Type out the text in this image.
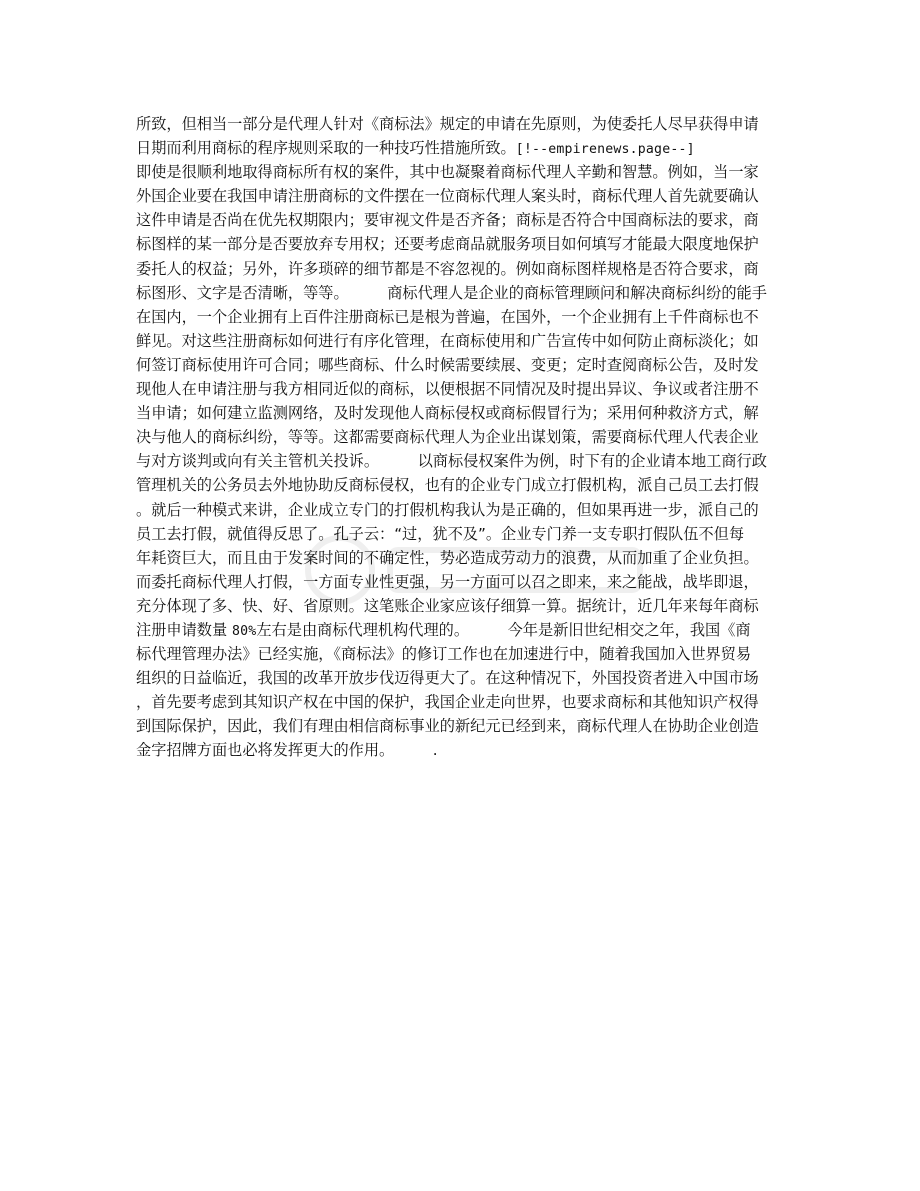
所致，但相当一部分是代理人针对《商标法》规定的申请在先原则，为使委托人尽早获得申请
日期而利用商标的程序规则采取的一种技巧性措施所致。[!--empirenews.page--]
即使是很顺利地取得商标所有权的案件，其中也凝聚着商标代理人辛勤和智慧。例如，当一家
外国企业要在我国申请注册商标的文件摆在一位商标代理人案头时，商标代理人首先就要确认
这件申请是否尚在优先权期限内；要审视文件是否齐备；商标是否符合中国商标法的要求，商
标图样的某一部分是否要放弃专用权；还要考虑商品就服务项目如何填写才能最大限度地保护
委托人的权益；另外，许多琐碎的细节都是不容忽视的。例如商标图样规格是否符合要求，商
标图形、文字是否清晰，等等。        商标代理人是企业的商标管理顾问和解决商标纠纷的能手
在国内，一个企业拥有上百件注册商标已是根为普遍，在国外，一个企业拥有上千件商标也不
鲜见。对这些注册商标如何进行有序化管理，在商标使用和广告宣传中如何防止商标淡化；如
何签订商标使用许可合同；哪些商标、什么时候需要续展、变更；定时查阅商标公告，及时发
现他人在申请注册与我方相同近似的商标，以便根据不同情况及时提出异议、争议或者注册不
当申请；如何建立监测网络，及时发现他人商标侵权或商标假冒行为；采用何种救济方式，解
决与他人的商标纠纷，等等。这都需要商标代理人为企业出谋划策，需要商标代理人代表企业
与对方谈判或向有关主管机关投诉。        以商标侵权案件为例，时下有的企业请本地工商行政
管理机关的公务员去外地协助反商标侵权，也有的企业专门成立打假机构，派自己员工去打假
。就后一种模式来讲，企业成立专门的打假机构我认为是正确的，但如果再进一步，派自己的
员工去打假，就值得反思了。孔子云：“过，犹不及”。企业专门养一支专职打假队伍不但每
年耗资巨大，而且由于发案时间的不确定性，势必造成劳动力的浪费，从而加重了企业负担。
而委托商标代理人打假，一方面专业性更强，另一方面可以召之即来，来之能战，战毕即退，
充分体现了多、快、好、省原则。这笔账企业家应该仔细算一算。据统计，近几年来每年商标
注册申请数量 80%左右是由商标代理机构代理的。        今年是新旧世纪相交之年，我国《商
标代理管理办法》已经实施，《商标法》的修订工作也在加速进行中，随着我国加入世界贸易
组织的日益临近，我国的改革开放步伐迈得更大了。在这种情况下，外国投资者进入中国市场
，首先要考虑到其知识产权在中国的保护，我国企业走向世界，也要求商标和其他知识产权得
到国际保护，因此，我们有理由相信商标事业的新纪元已经到来，商标代理人在协助企业创造
金字招牌方面也必将发挥更大的作用。        .
